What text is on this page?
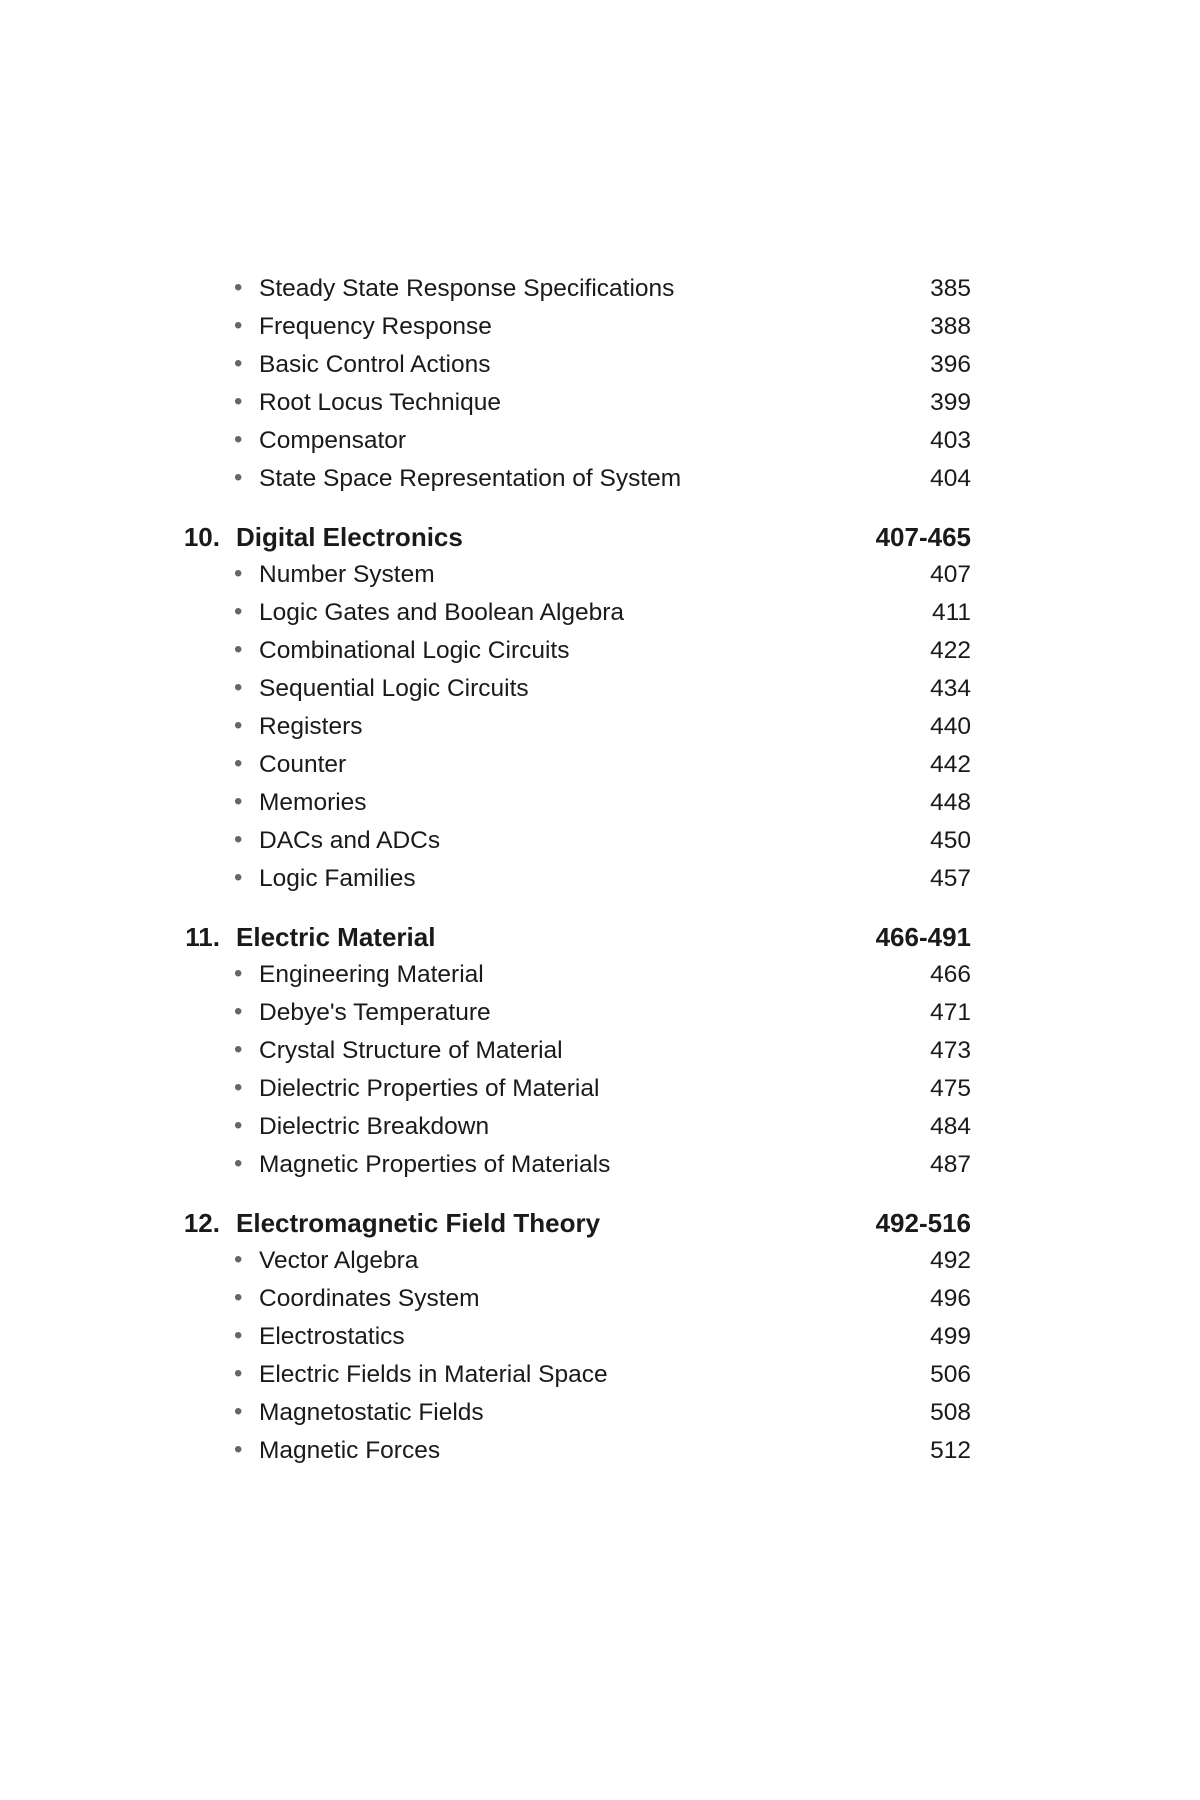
• Steady State Response Specifications	385
• Frequency Response	388
• Basic Control Actions	396
• Root Locus Technique	399
• Compensator	403
• State Space Representation of System	404
10. Digital Electronics	407-465
• Number System	407
• Logic Gates and Boolean Algebra	411
• Combinational Logic Circuits	422
• Sequential Logic Circuits	434
• Registers	440
• Counter	442
• Memories	448
• DACs and ADCs	450
• Logic Families	457
11. Electric Material	466-491
• Engineering Material	466
• Debye's Temperature	471
• Crystal Structure of Material	473
• Dielectric Properties of Material	475
• Dielectric Breakdown	484
• Magnetic Properties of Materials	487
12. Electromagnetic Field Theory	492-516
• Vector Algebra	492
• Coordinates System	496
• Electrostatics	499
• Electric Fields in Material Space	506
• Magnetostatic Fields	508
• Magnetic Forces	512
